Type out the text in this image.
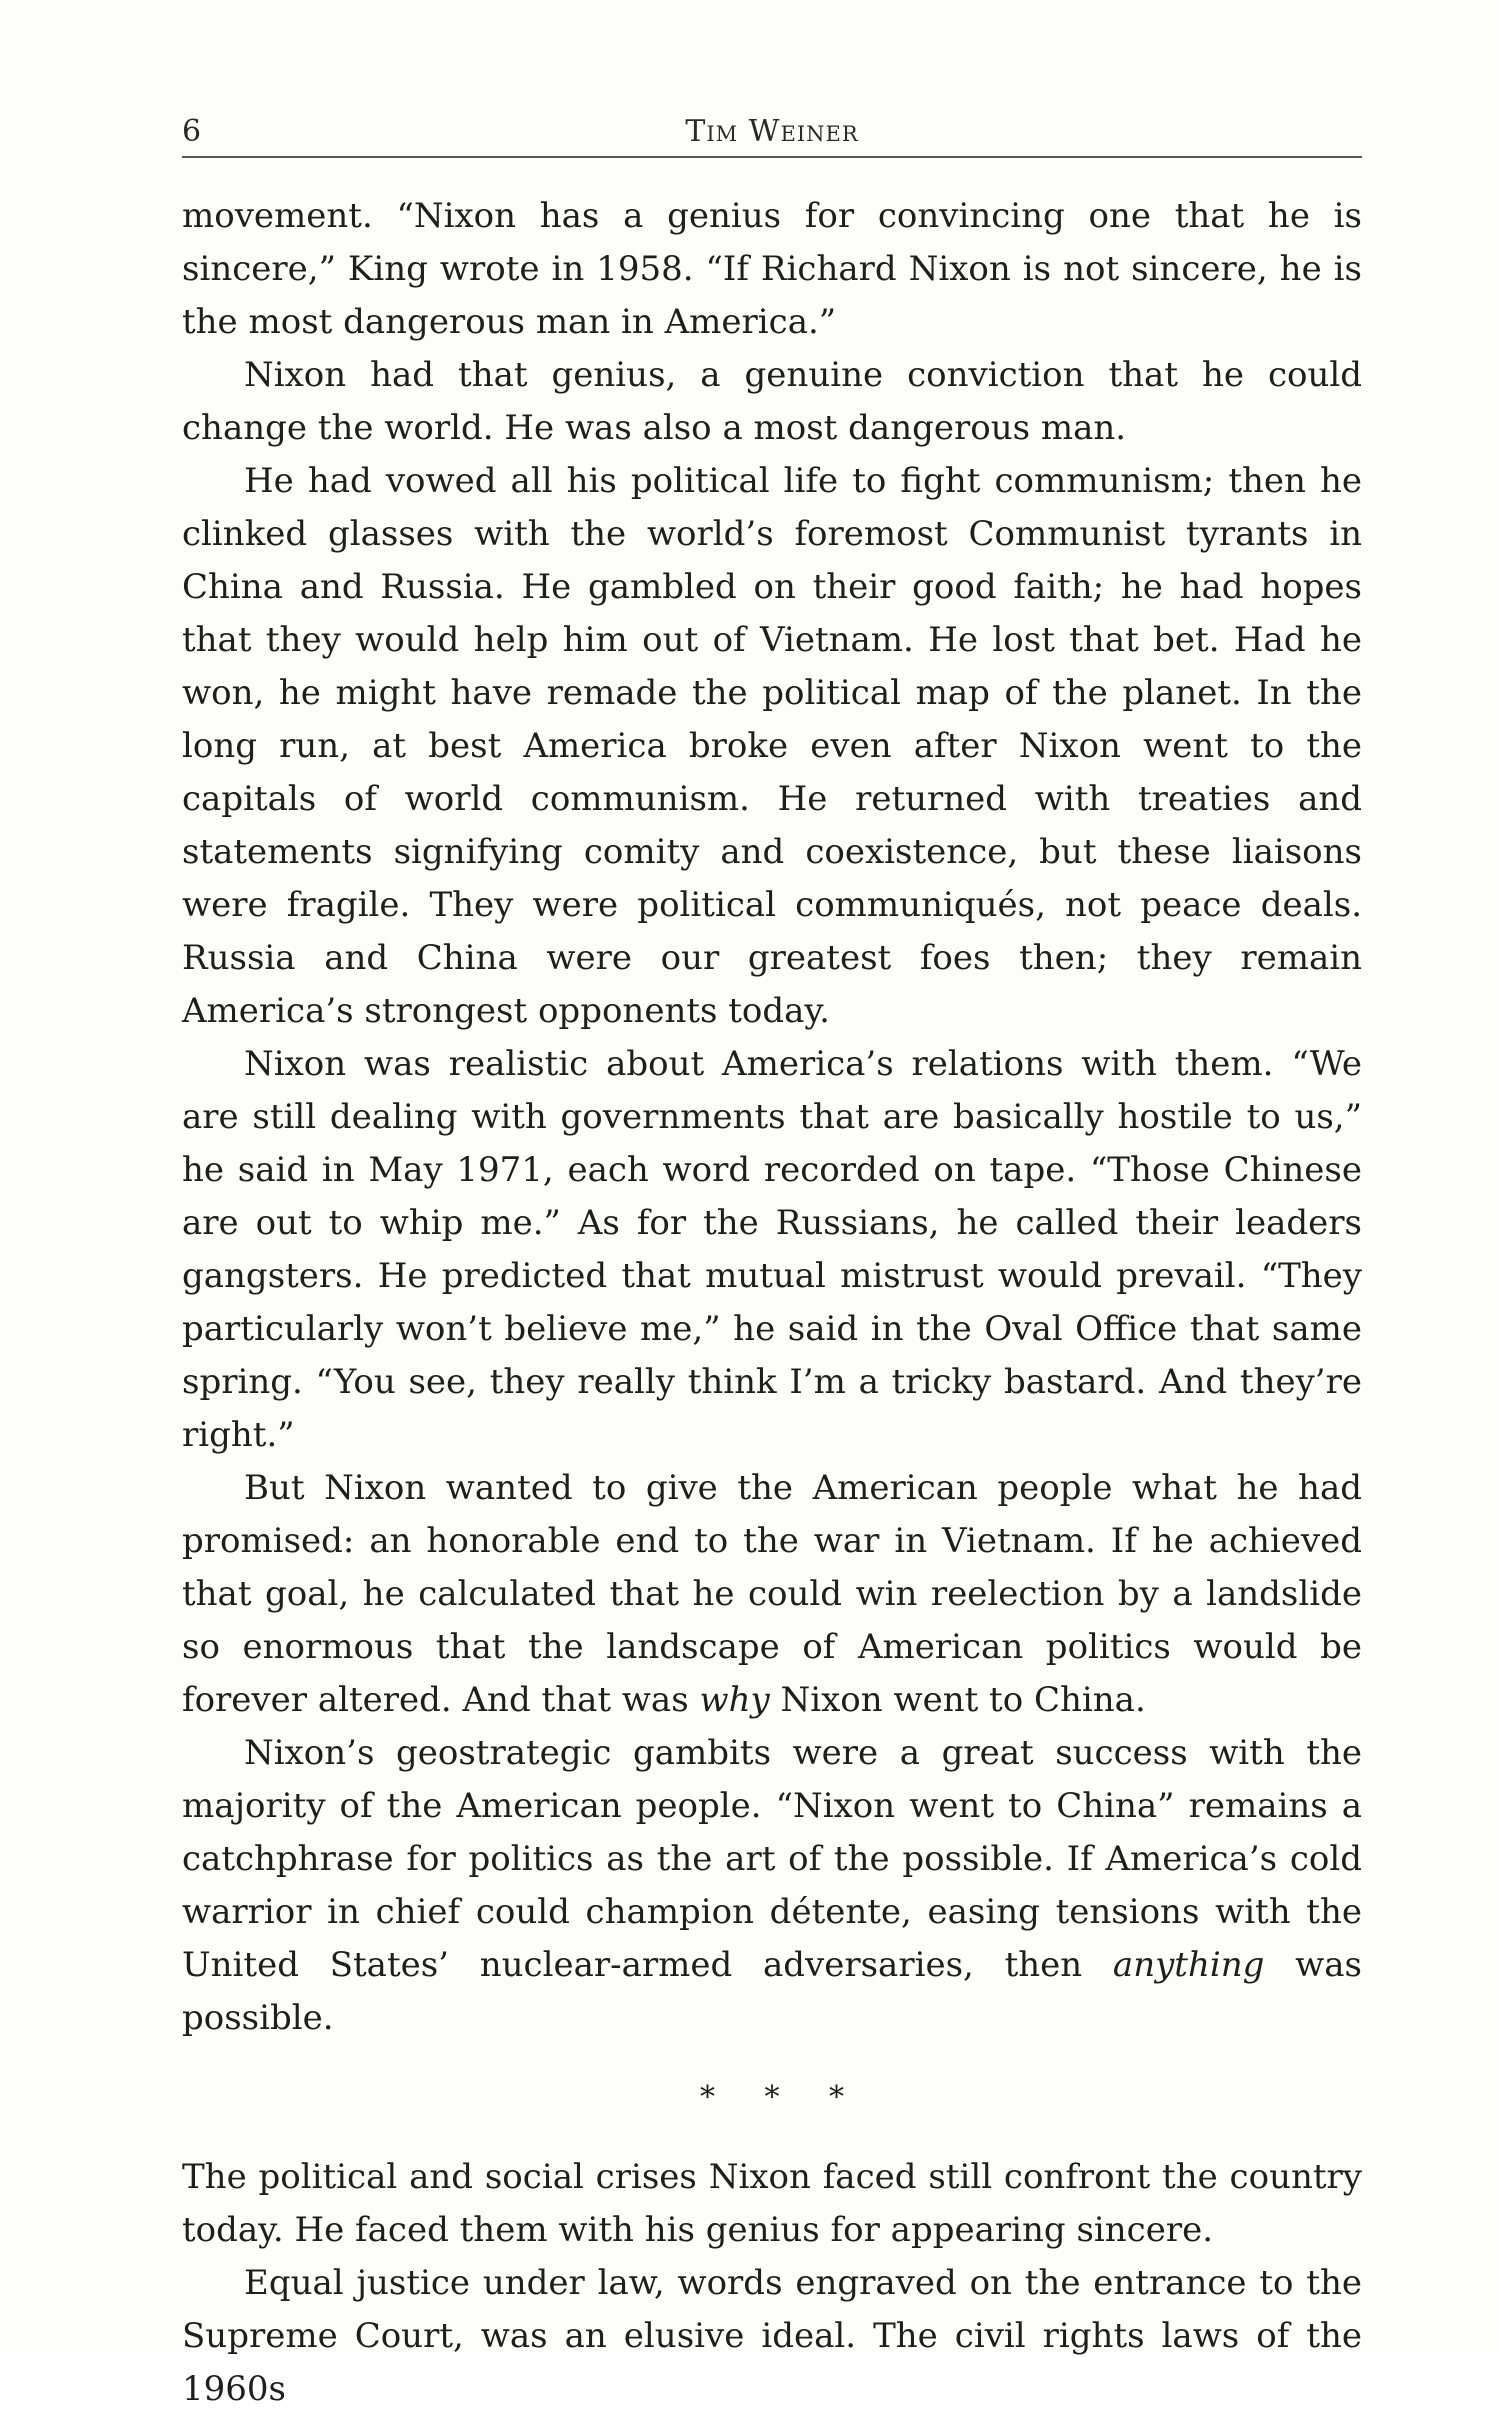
6	Tim Weiner

movement. “Nixon has a genius for convincing one that he is sincere,” King wrote in 1958. “If Richard Nixon is not sincere, he is the most dangerous man in America.”

Nixon had that genius, a genuine conviction that he could change the world. He was also a most dangerous man.

He had vowed all his political life to fight communism; then he clinked glasses with the world’s foremost Communist tyrants in China and Russia. He gambled on their good faith; he had hopes that they would help him out of Vietnam. He lost that bet. Had he won, he might have remade the political map of the planet. In the long run, at best America broke even after Nixon went to the capitals of world communism. He returned with treaties and statements signifying comity and coexistence, but these liaisons were fragile. They were political communiqués, not peace deals. Russia and China were our greatest foes then; they remain America’s strongest opponents today.

Nixon was realistic about America’s relations with them. “We are still dealing with governments that are basically hostile to us,” he said in May 1971, each word recorded on tape. “Those Chinese are out to whip me.” As for the Russians, he called their leaders gangsters. He predicted that mutual mistrust would prevail. “They particularly won’t believe me,” he said in the Oval Office that same spring. “You see, they really think I’m a tricky bastard. And they’re right.”

But Nixon wanted to give the American people what he had promised: an honorable end to the war in Vietnam. If he achieved that goal, he calculated that he could win reelection by a landslide so enormous that the landscape of American politics would be forever altered. And that was why Nixon went to China.

Nixon’s geostrategic gambits were a great success with the majority of the American people. “Nixon went to China” remains a catchphrase for politics as the art of the possible. If America’s cold warrior in chief could champion détente, easing tensions with the United States’ nuclear-armed adversaries, then anything was possible.

* * *

The political and social crises Nixon faced still confront the country today. He faced them with his genius for appearing sincere.

Equal justice under law, words engraved on the entrance to the Supreme Court, was an elusive ideal. The civil rights laws of the 1960s
